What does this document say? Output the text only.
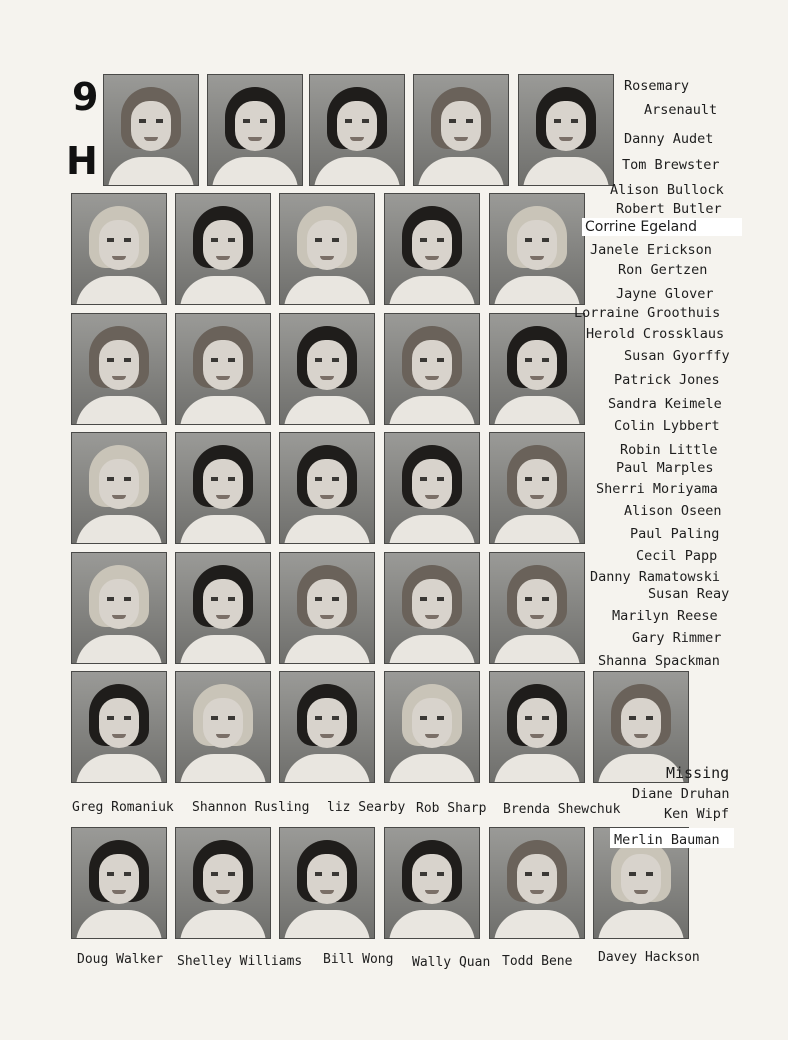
9
H
Rosemary
Arsenault
Danny Audet
Tom Brewster
Alison Bullock
Robert Butler
Corrine Egeland
Janele Erickson
Ron Gertzen
Jayne Glover
Lorraine Groothuis
Herold Crossklaus
Susan Gyorffy
Patrick Jones
Sandra Keimele
Colin Lybbert
Robin Little
Paul Marples
Sherri Moriyama
Alison Oseen
Paul Paling
Cecil Papp
Danny Ramatowski
Susan Reay
Marilyn Reese
Gary Rimmer
Shanna Spackman
Missing
Diane Druhan
Ken Wipf
Merlin Bauman
Greg Romaniuk Shannon Rusling liz Searby Rob Sharp Brenda Shewchuk
Doug Walker Shelley Williams Bill Wong Wally Quan Todd Bene Davey Hackson
